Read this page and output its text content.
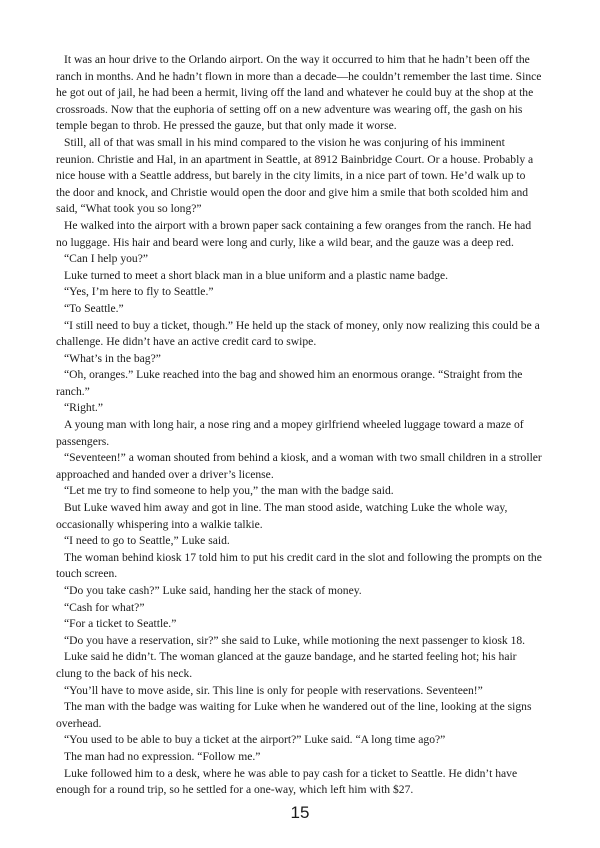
It was an hour drive to the Orlando airport. On the way it occurred to him that he hadn’t been off the ranch in months. And he hadn’t flown in more than a decade—he couldn’t remember the last time. Since he got out of jail, he had been a hermit, living off the land and whatever he could buy at the shop at the crossroads. Now that the euphoria of setting off on a new adventure was wearing off, the gash on his temple began to throb. He pressed the gauze, but that only made it worse.

Still, all of that was small in his mind compared to the vision he was conjuring of his imminent reunion. Christie and Hal, in an apartment in Seattle, at 8912 Bainbridge Court. Or a house. Probably a nice house with a Seattle address, but barely in the city limits, in a nice part of town. He’d walk up to the door and knock, and Christie would open the door and give him a smile that both scolded him and said, “What took you so long?”

He walked into the airport with a brown paper sack containing a few oranges from the ranch. He had no luggage. His hair and beard were long and curly, like a wild bear, and the gauze was a deep red.

“Can I help you?”

Luke turned to meet a short black man in a blue uniform and a plastic name badge.

“Yes, I’m here to fly to Seattle.”

“To Seattle.”

“I still need to buy a ticket, though.” He held up the stack of money, only now realizing this could be a challenge. He didn’t have an active credit card to swipe.

“What’s in the bag?”

“Oh, oranges.” Luke reached into the bag and showed him an enormous orange. “Straight from the ranch.”

“Right.”

A young man with long hair, a nose ring and a mopey girlfriend wheeled luggage toward a maze of passengers.

“Seventeen!” a woman shouted from behind a kiosk, and a woman with two small children in a stroller approached and handed over a driver’s license.

“Let me try to find someone to help you,” the man with the badge said.

But Luke waved him away and got in line. The man stood aside, watching Luke the whole way, occasionally whispering into a walkie talkie.

“I need to go to Seattle,” Luke said.

The woman behind kiosk 17 told him to put his credit card in the slot and following the prompts on the touch screen.

“Do you take cash?” Luke said, handing her the stack of money.

“Cash for what?”

“For a ticket to Seattle.”

“Do you have a reservation, sir?” she said to Luke, while motioning the next passenger to kiosk 18.

Luke said he didn’t. The woman glanced at the gauze bandage, and he started feeling hot; his hair clung to the back of his neck.

“You’ll have to move aside, sir. This line is only for people with reservations. Seventeen!”

The man with the badge was waiting for Luke when he wandered out of the line, looking at the signs overhead.

“You used to be able to buy a ticket at the airport?” Luke said. “A long time ago?”

The man had no expression. “Follow me.”

Luke followed him to a desk, where he was able to pay cash for a ticket to Seattle. He didn’t have enough for a round trip, so he settled for a one-way, which left him with $27.

15
